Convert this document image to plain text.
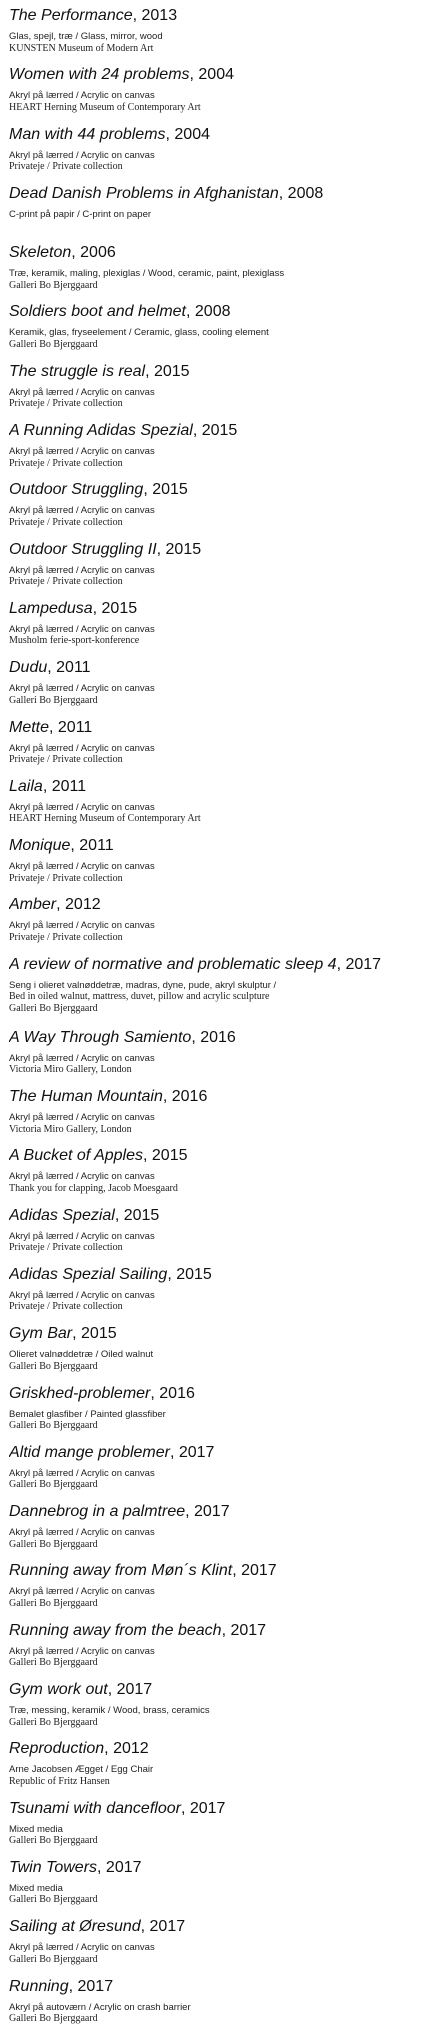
The Performance, 2013
Glas, spejl, træ / Glass, mirror, wood
KUNSTEN Museum of Modern Art
Women with 24 problems, 2004
Akryl på lærred / Acrylic on canvas
HEART Herning Museum of Contemporary Art
Man with 44 problems, 2004
Akryl på lærred / Acrylic on canvas
Privateje / Private collection
Dead Danish Problems in Afghanistan, 2008
C-print på papir / C-print on paper
Skeleton, 2006
Træ, keramik, maling, plexiglas / Wood, ceramic, paint, plexiglass
Galleri Bo Bjerggaard
Soldiers boot and helmet, 2008
Keramik, glas, fryseelement / Ceramic, glass, cooling element
Galleri Bo Bjerggaard
The struggle is real, 2015
Akryl på lærred / Acrylic on canvas
Privateje / Private collection
A Running Adidas Spezial, 2015
Akryl på lærred / Acrylic on canvas
Privateje / Private collection
Outdoor Struggling, 2015
Akryl på lærred / Acrylic on canvas
Privateje / Private collection
Outdoor Struggling II, 2015
Akryl på lærred / Acrylic on canvas
Privateje / Private collection
Lampedusa, 2015
Akryl på lærred / Acrylic on canvas
Musholm ferie-sport-konference
Dudu, 2011
Akryl på lærred / Acrylic on canvas
Galleri Bo Bjerggaard
Mette, 2011
Akryl på lærred / Acrylic on canvas
Privateje / Private collection
Laila, 2011
Akryl på lærred / Acrylic on canvas
HEART Herning Museum of Contemporary Art
Monique, 2011
Akryl på lærred / Acrylic on canvas
Privateje / Private collection
Amber, 2012
Akryl på lærred / Acrylic on canvas
Privateje / Private collection
A review of normative and problematic sleep 4, 2017
Seng i olieret valnøddetræ, madras, dyne, pude, akryl skulptur /
Bed in oiled walnut, mattress, duvet, pillow and acrylic sculpture
Galleri Bo Bjerggaard
A Way Through Samiento, 2016
Akryl på lærred / Acrylic on canvas
Victoria Miro Gallery, London
The Human Mountain, 2016
Akryl på lærred / Acrylic on canvas
Victoria Miro Gallery, London
A Bucket of Apples, 2015
Akryl på lærred / Acrylic on canvas
Thank you for clapping, Jacob Moesgaard
Adidas Spezial, 2015
Akryl på lærred / Acrylic on canvas
Privateje / Private collection
Adidas Spezial Sailing, 2015
Akryl på lærred / Acrylic on canvas
Privateje / Private collection
Gym Bar, 2015
Olieret valnøddetræ / Oiled walnut
Galleri Bo Bjerggaard
Griskhed-problemer, 2016
Bemalet glasfiber / Painted glassfiber
Galleri Bo Bjerggaard
Altid mange problemer, 2017
Akryl på lærred / Acrylic on canvas
Galleri Bo Bjerggaard
Dannebrog in a palmtree, 2017
Akryl på lærred / Acrylic on canvas
Galleri Bo Bjerggaard
Running away from Møn´s Klint, 2017
Akryl på lærred / Acrylic on canvas
Galleri Bo Bjerggaard
Running away from the beach, 2017
Akryl på lærred / Acrylic on canvas
Galleri Bo Bjerggaard
Gym work out, 2017
Træ, messing, keramik / Wood, brass, ceramics
Galleri Bo Bjerggaard
Reproduction, 2012
Arne Jacobsen Ægget / Egg Chair
Republic of Fritz Hansen
Tsunami with dancefloor, 2017
Mixed media
Galleri Bo Bjerggaard
Twin Towers, 2017
Mixed media
Galleri Bo Bjerggaard
Sailing at Øresund, 2017
Akryl på lærred / Acrylic on canvas
Galleri Bo Bjerggaard
Running, 2017
Akryl på autoværn / Acrylic on crash barrier
Galleri Bo Bjerggaard
